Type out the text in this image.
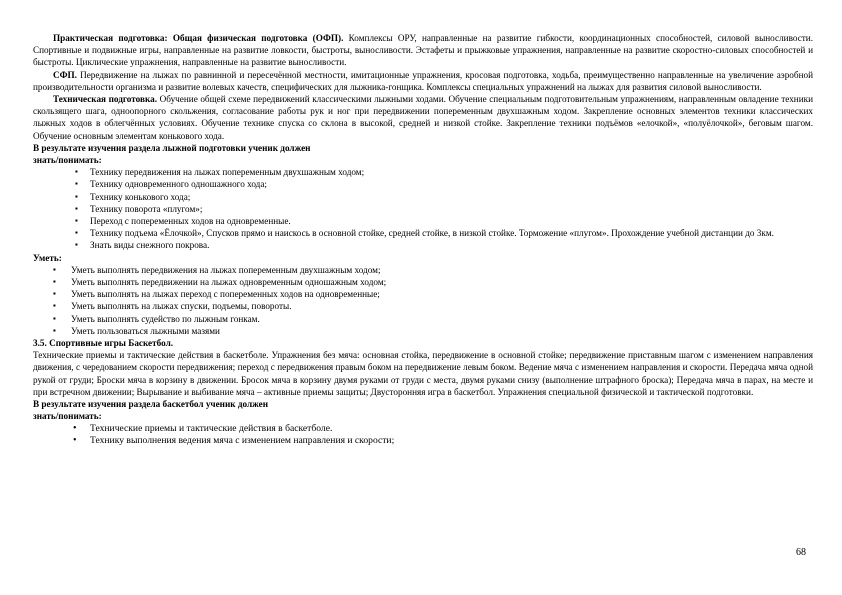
Практическая подготовка: Общая физическая подготовка (ОФП). Комплексы ОРУ, направленные на развитие гибкости, координационных способностей, силовой выносливости. Спортивные и подвижные игры, направленные на развитие ловкости, быстроты, выносливости. Эстафеты и прыжковые упражнения, направленные на развитие скоростно-силовых способностей и быстроты. Циклические упражнения, направленные на развитие выносливости.

СФП. Передвижение на лыжах по равнинной и пересечённой местности, имитационные упражнения, кросовая подготовка, ходьба, преимущественно направленные на увеличение аэробной производительности организма и развитие волевых качеств, специфических для лыжника-гонщика. Комплексы специальных упражнений на лыжах для развития силовой выносливости.

Техническая подготовка. Обучение общей схеме передвижений классическими лыжными ходами. Обучение специальным подготовительным упражнениям, направленным овладение техники скользящего шага, одноопорного скольжения, согласование работы рук и ног при передвижении попеременным двухшажным ходом. Закрепление основных элементов техники классических лыжных ходов в облегчённых условиях. Обучение технике спуска со склона в высокой, средней и низкой стойке. Закрепление техники подъёмов «елочкой», «полуёлочкой», беговым шагом. Обучение основным элементам конькового хода.

В результате изучения раздела лыжной подготовки ученик должен

знать/понимать:

▪ Технику передвижения на лыжах попеременным двухшажным ходом;
▪ Технику одновременного одношажного хода;
▪ Технику конькового хода;
▪ Технику поворота «плугом»;
▪ Переход с попеременных ходов на одновременные.
▪ Технику подъема «Ёлочкой», Спусков прямо и наискось в основной стойке, средней стойке, в низкой стойке. Торможение «плугом». Прохождение учебной дистанции до 3км.
▪ Знать виды снежного покрова.

Уметь:

▪ Уметь выполнять передвижения на лыжах попеременным двухшажным ходом;
▪ Уметь выполнять передвижении на лыжах одновременным одношажным ходом;
▪ Уметь выполнять на лыжах переход с попеременных ходов на одновременные;
▪ Уметь выполнять на лыжах спуски, подъемы, повороты.
▪ Уметь выполнять судейство по лыжным гонкам.
▪ Уметь пользоваться лыжными мазями

3.5. Спортивные игры Баскетбол.

Технические приемы и тактические действия в баскетболе. Упражнения без мяча: основная стойка, передвижение в основной стойке; передвижение приставным шагом с изменением направления движения, с чередованием скорости передвижения; переход с передвижения правым боком на передвижение левым боком. Ведение мяча с изменением направления и скорости. Передача мяча одной рукой от груди; Броски мяча в корзину в движении. Бросок мяча в корзину двумя руками от груди с места, двумя руками снизу (выполнение штрафного броска); Передача мяча в парах, на месте и при встречном движении; Вырывание и выбивание мяча – активные приемы защиты; Двусторонняя игра в баскетбол. Упражнения специальной физической и тактической подготовки.

В результате изучения раздела баскетбол ученик должен

знать/понимать:

• Технические приемы и тактические действия в баскетболе.
• Технику выполнения ведения мяча с изменением направления и скорости;
68
